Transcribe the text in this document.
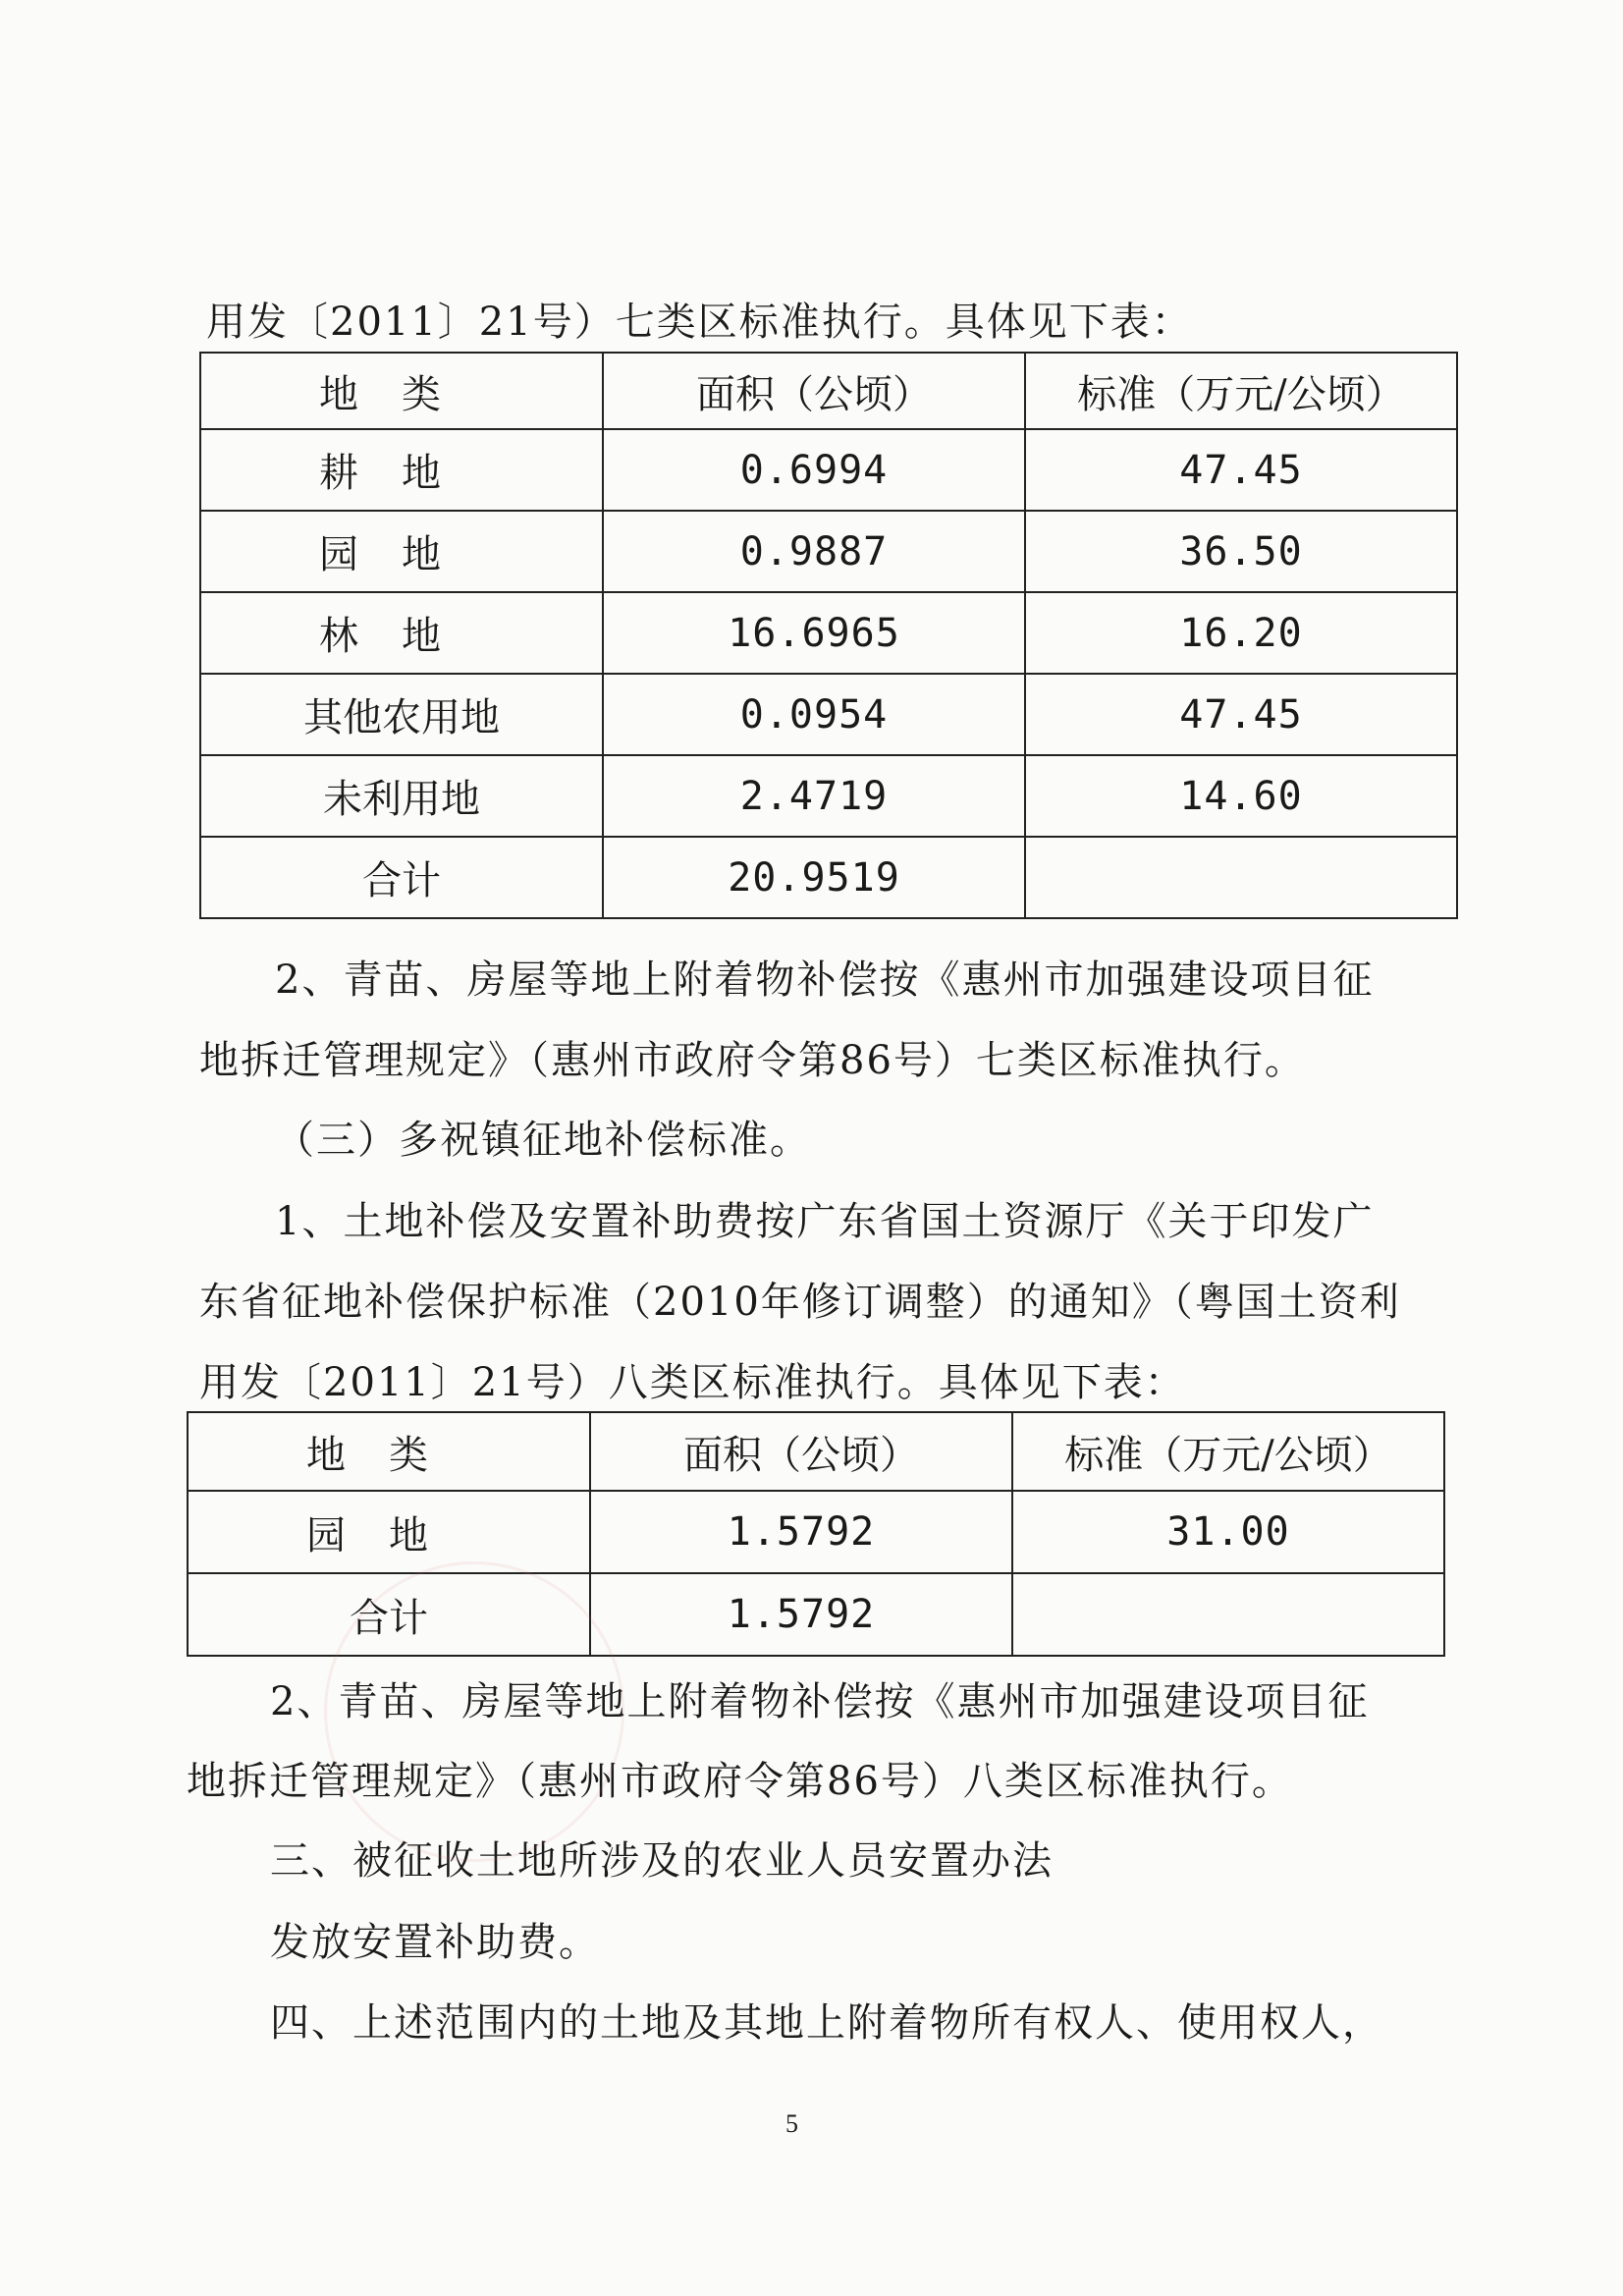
用发〔2011〕21号）七类区标准执行。具体见下表：
地类	面积（公顷）	标准（万元/公顷）
耕地	0.6994	47.45
园地	0.9887	36.50
林地	16.6965	16.20
其他农用地	0.0954	47.45
未利用地	2.4719	14.60
合计	20.9519	
2、青苗、房屋等地上附着物补偿按《惠州市加强建设项目征
地拆迁管理规定》（惠州市政府令第86号）七类区标准执行。
（三）多祝镇征地补偿标准。
1、土地补偿及安置补助费按广东省国土资源厅《关于印发广
东省征地补偿保护标准（2010年修订调整）的通知》（粤国土资利
用发〔2011〕21号）八类区标准执行。具体见下表：
地类	面积（公顷）	标准（万元/公顷）
园地	1.5792	31.00
合计	1.5792	
2、青苗、房屋等地上附着物补偿按《惠州市加强建设项目征
地拆迁管理规定》（惠州市政府令第86号）八类区标准执行。
三、被征收土地所涉及的农业人员安置办法
发放安置补助费。
四、上述范围内的土地及其地上附着物所有权人、使用权人，
5
